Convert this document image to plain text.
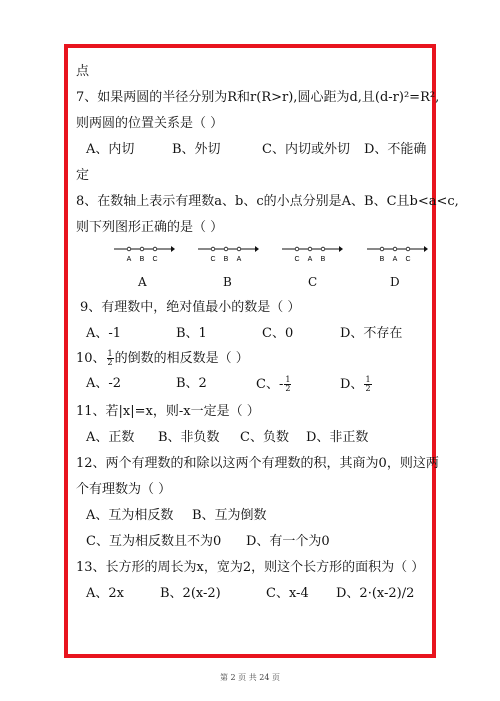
点
7、如果两圆的半径分别为R和r(R>r),圆心距为d,且(d-r)²=R²,
则两圆的位置关系是（ ）
A、内切	B、外切	C、内切或外切 D、不能确
定
8、在数轴上表示有理数a、b、c的小点分别是A、B、C且b<a<c,
则下列图形正确的是（ ）
A B C	C B A	C A B	B A C
A	B	C	D
9、有理数中，绝对值最小的数是（ ）
A、-1	B、1	C、0	D、不存在
10、 $\frac{1}{2}$ 的倒数的相反数是（ ）
A、-2	B、2	C、- $\frac{1}{2}$	D、 $\frac{1}{2}$
11、若|x|=x，则-x一定是（ ）
A、正数 B、非负数 C、负数 D、非正数
12、两个有理数的和除以这两个有理数的积，其商为0，则这两
个有理数为（ ）
A、互为相反数 B、互为倒数
C、互为相反数且不为0 D、有一个为0
13、长方形的周长为x，宽为2，则这个长方形的面积为（ ）
A、2x	B、2(x-2)	C、x-4 D、2·(x-2)/2
第 2 页 共 24 页
